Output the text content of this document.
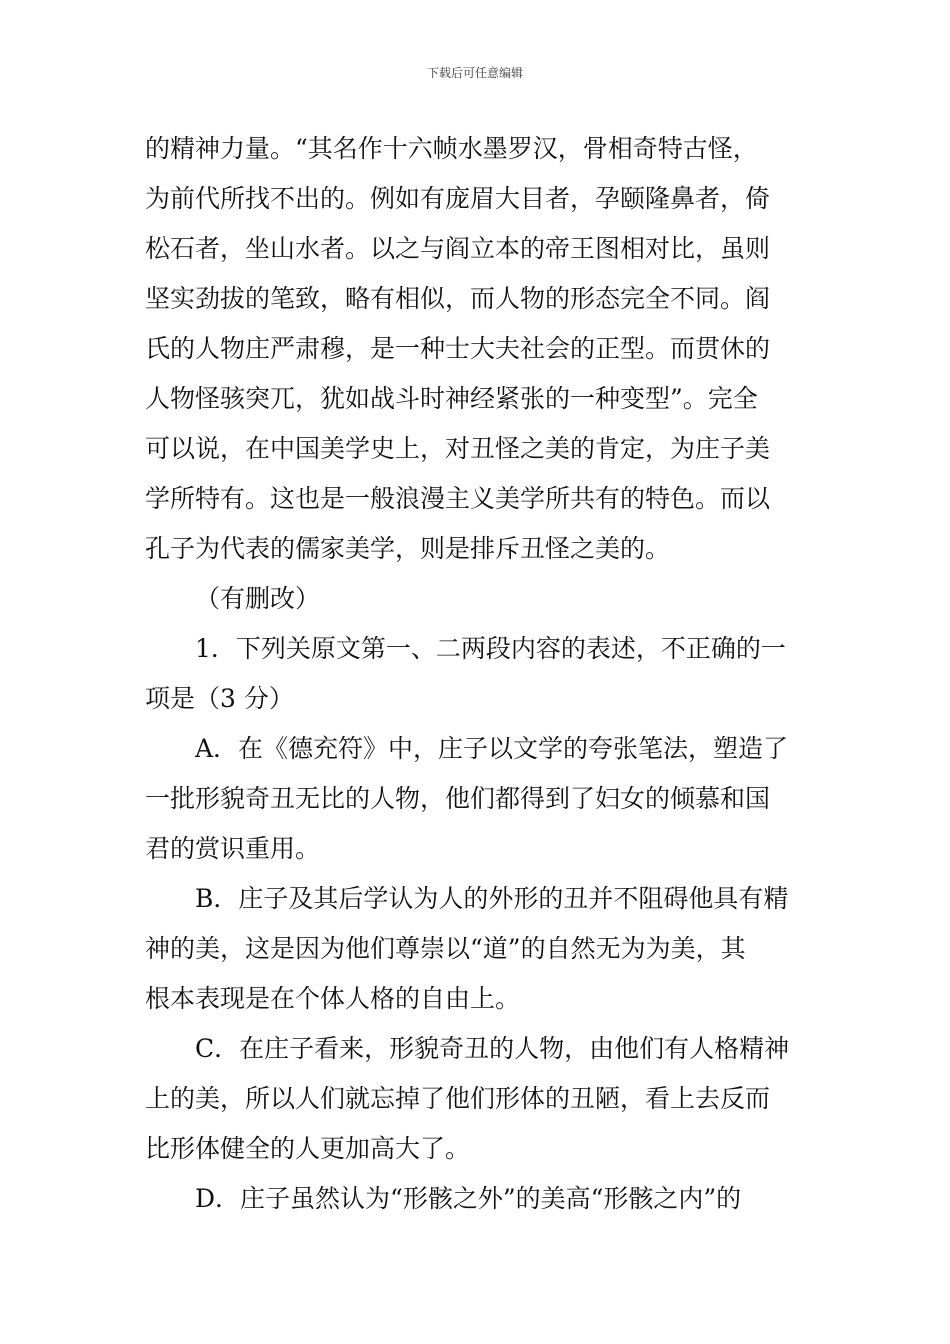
下载后可任意编辑
的精神力量。“其名作十六帧水墨罗汉，骨相奇特古怪，
为前代所找不出的。例如有庞眉大目者，孕颐隆鼻者，倚
松石者，坐山水者。以之与阎立本的帝王图相对比，虽则
坚实劲拔的笔致，略有相似，而人物的形态完全不同。阎
氏的人物庄严肃穆，是一种士大夫社会的正型。而贯休的
人物怪骇突兀，犹如战斗时神经紧张的一种变型”。完全
可以说，在中国美学史上，对丑怪之美的肯定，为庄子美
学所特有。这也是一般浪漫主义美学所共有的特色。而以
孔子为代表的儒家美学，则是排斥丑怪之美的。
（有删改）
1．下列关原文第一、二两段内容的表述，不正确的一
项是（3 分）
A．在《德充符》中，庄子以文学的夸张笔法，塑造了
一批形貌奇丑无比的人物，他们都得到了妇女的倾慕和国
君的赏识重用。
B．庄子及其后学认为人的外形的丑并不阻碍他具有精
神的美，这是因为他们尊崇以“道”的自然无为为美，其
根本表现是在个体人格的自由上。
C．在庄子看来，形貌奇丑的人物，由他们有人格精神
上的美，所以人们就忘掉了他们形体的丑陋，看上去反而
比形体健全的人更加高大了。
D．庄子虽然认为“形骸之外”的美高“形骸之内”的
